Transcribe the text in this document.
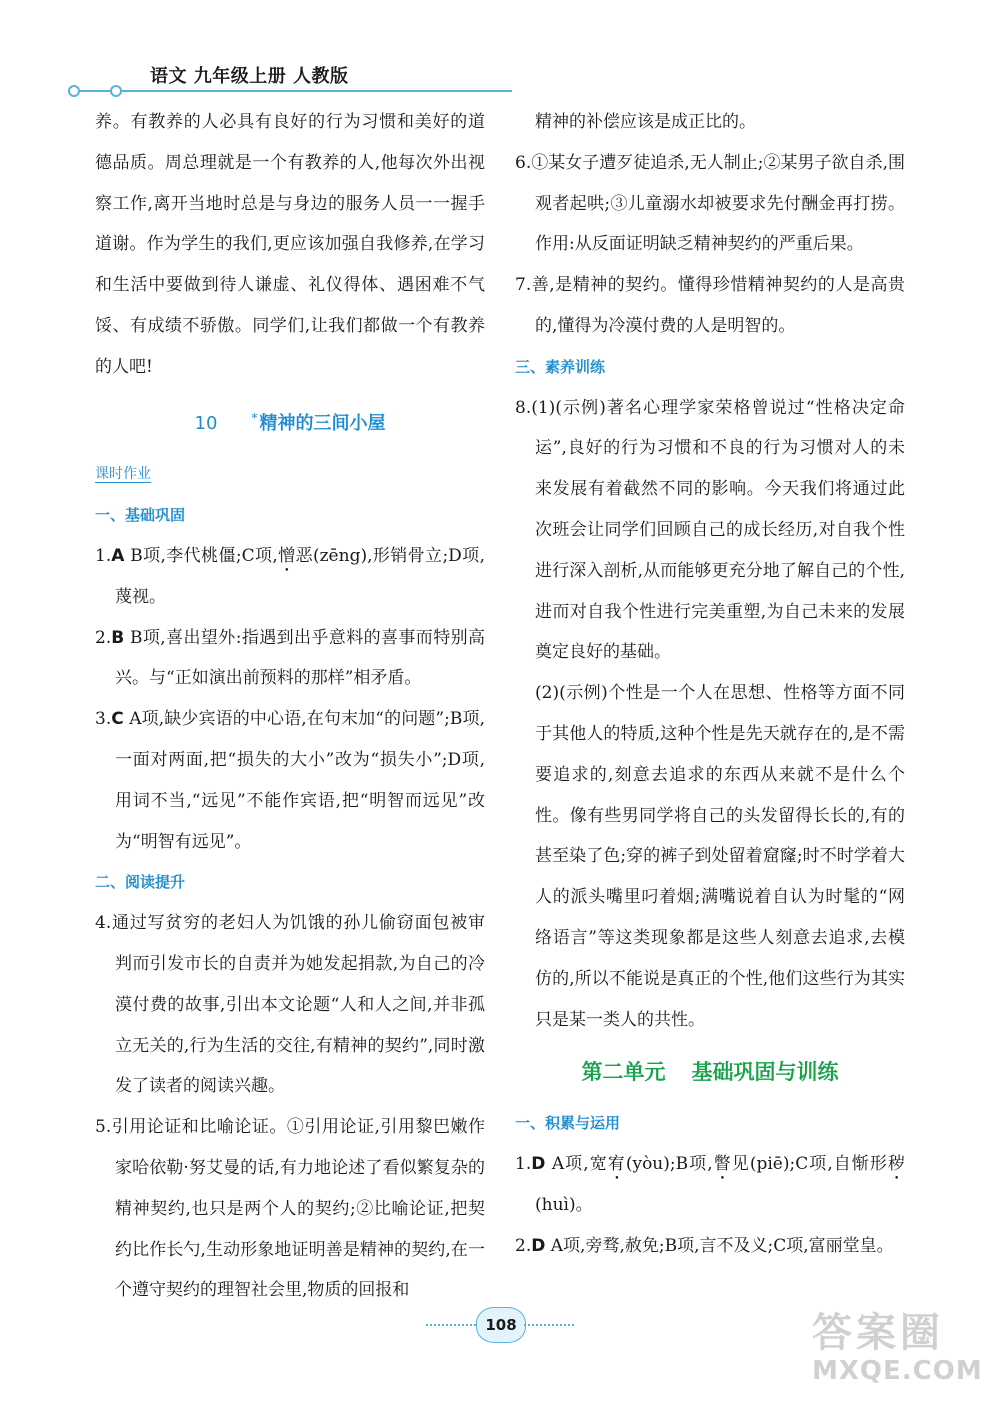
语文 九年级上册 人教版

养。有教养的人必具有良好的行为习惯和美好的道德品质。周总理就是一个有教养的人,他每次外出视察工作,离开当地时总是与身边的服务人员一一握手道谢。作为学生的我们,更应该加强自我修养,在学习和生活中要做到待人谦虚、礼仪得体、遇困难不气馁、有成绩不骄傲。同学们,让我们都做一个有教养的人吧!

10	* 精神的三间小屋
课时作业
一、基础巩固

1.A B项,李代桃僵;C项,憎恶(zēng),形销骨立;D项,蔑视。

2.B B项,喜出望外:指遇到出乎意料的喜事而特别高兴。与“正如演出前预料的那样”相矛盾。

3.C A项,缺少宾语的中心语,在句末加“的问题”;B项,一面对两面,把“损失的大小”改为“损失小”;D项,用词不当,“远见”不能作宾语,把“明智而远见”改为“明智有远见”。

二、阅读提升

4.通过写贫穷的老妇人为饥饿的孙儿偷窃面包被审判而引发市长的自责并为她发起捐款,为自己的冷漠付费的故事,引出本文论题“人和人之间,并非孤立无关的,行为生活的交往,有精神的契约”,同时激发了读者的阅读兴趣。

5.引用论证和比喻论证。①引用论证,引用黎巴嫩作家哈依勒·努艾曼的话,有力地论述了看似繁复杂的精神契约,也只是两个人的契约;②比喻论证,把契约比作长勺,生动形象地证明善是精神的契约,在一个遵守契约的理智社会里,物质的回报和

精神的补偿应该是成正比的。

6.①某女子遭歹徒追杀,无人制止;②某男子欲自杀,围观者起哄;③儿童溺水却被要求先付酬金再打捞。作用:从反面证明缺乏精神契约的严重后果。

7.善,是精神的契约。懂得珍惜精神契约的人是高贵的,懂得为冷漠付费的人是明智的。

三、素养训练

8.(1)(示例)著名心理学家荣格曾说过“性格决定命运”,良好的行为习惯和不良的行为习惯对人的未来发展有着截然不同的影响。今天我们将通过此次班会让同学们回顾自己的成长经历,对自我个性进行深入剖析,从而能够更充分地了解自己的个性,进而对自我个性进行完美重塑,为自己未来的发展奠定良好的基础。

(2)(示例)个性是一个人在思想、性格等方面不同于其他人的特质,这种个性是先天就存在的,是不需要追求的,刻意去追求的东西从来就不是什么个性。像有些男同学将自己的头发留得长长的,有的甚至染了色;穿的裤子到处留着窟窿;时不时学着大人的派头嘴里叼着烟;满嘴说着自认为时髦的“网络语言”等这类现象都是这些人刻意去追求,去模仿的,所以不能说是真正的个性,他们这些行为其实只是某一类人的共性。

第二单元 基础巩固与训练
一、积累与运用

1.D A项,宽宥(yòu);B项,瞥见(piē);C项,自惭形秽(huì)。

2.D A项,旁骛,赦免;B项,言不及义;C项,富丽堂皇。

108	答案圈
MXQE.COM
